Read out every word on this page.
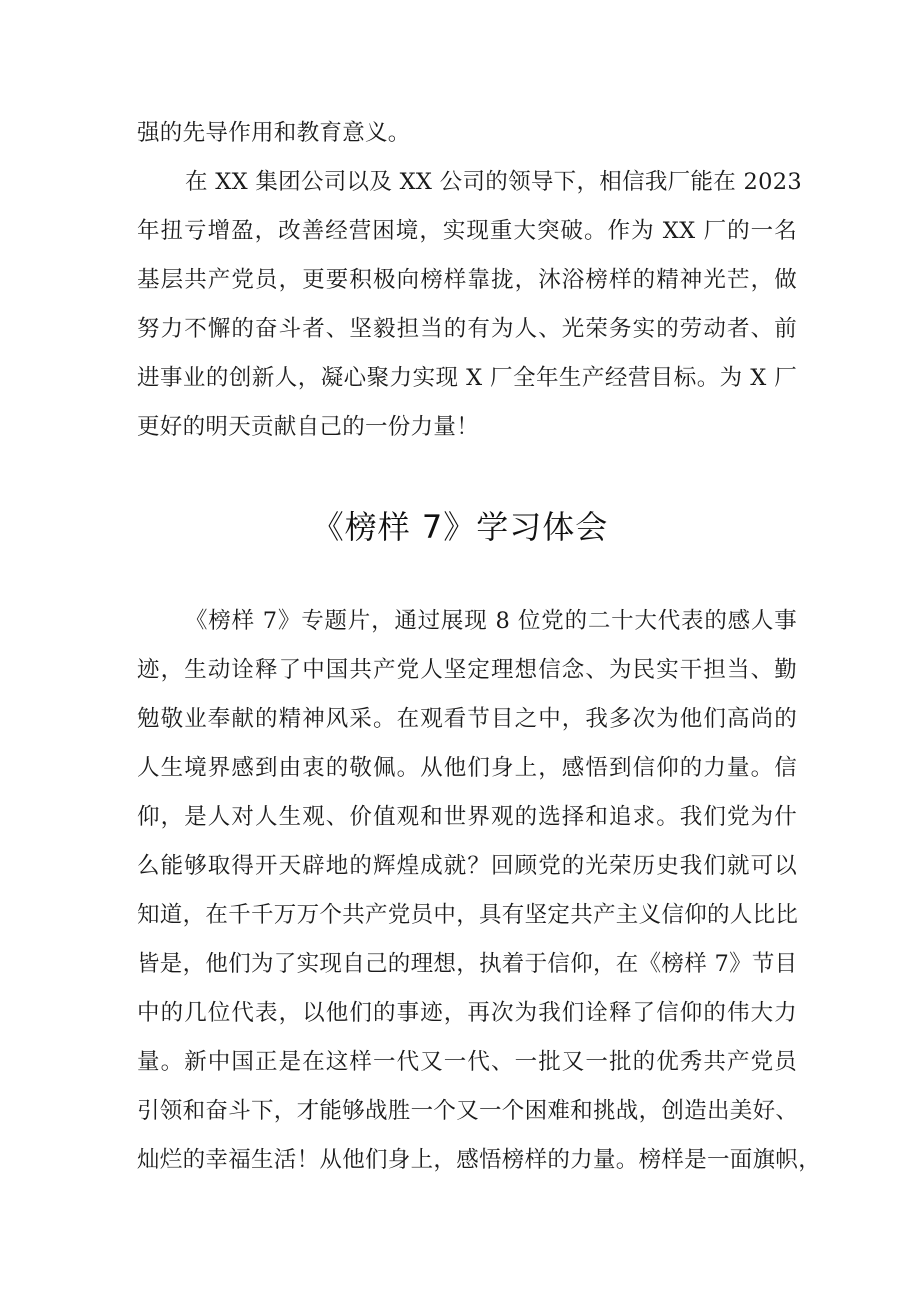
强的先导作用和教育意义。
在 XX 集团公司以及 XX 公司的领导下，相信我厂能在 2023
年扭亏增盈，改善经营困境，实现重大突破。作为 XX 厂的一名
基层共产党员，更要积极向榜样靠拢，沐浴榜样的精神光芒，做
努力不懈的奋斗者、坚毅担当的有为人、光荣务实的劳动者、前
进事业的创新人，凝心聚力实现 X 厂全年生产经营目标。为 X 厂
更好的明天贡献自己的一份力量！
《榜样 7》学习体会
《榜样 7》专题片，通过展现 8 位党的二十大代表的感人事
迹，生动诠释了中国共产党人坚定理想信念、为民实干担当、勤
勉敬业奉献的精神风采。在观看节目之中，我多次为他们高尚的
人生境界感到由衷的敬佩。从他们身上，感悟到信仰的力量。信
仰，是人对人生观、价值观和世界观的选择和追求。我们党为什
么能够取得开天辟地的辉煌成就？回顾党的光荣历史我们就可以
知道，在千千万万个共产党员中，具有坚定共产主义信仰的人比比
皆是，他们为了实现自己的理想，执着于信仰，在《榜样 7》节目
中的几位代表，以他们的事迹，再次为我们诠释了信仰的伟大力
量。新中国正是在这样一代又一代、一批又一批的优秀共产党员
引领和奋斗下，才能够战胜一个又一个困难和挑战，创造出美好、
灿烂的幸福生活！从他们身上，感悟榜样的力量。榜样是一面旗帜，
